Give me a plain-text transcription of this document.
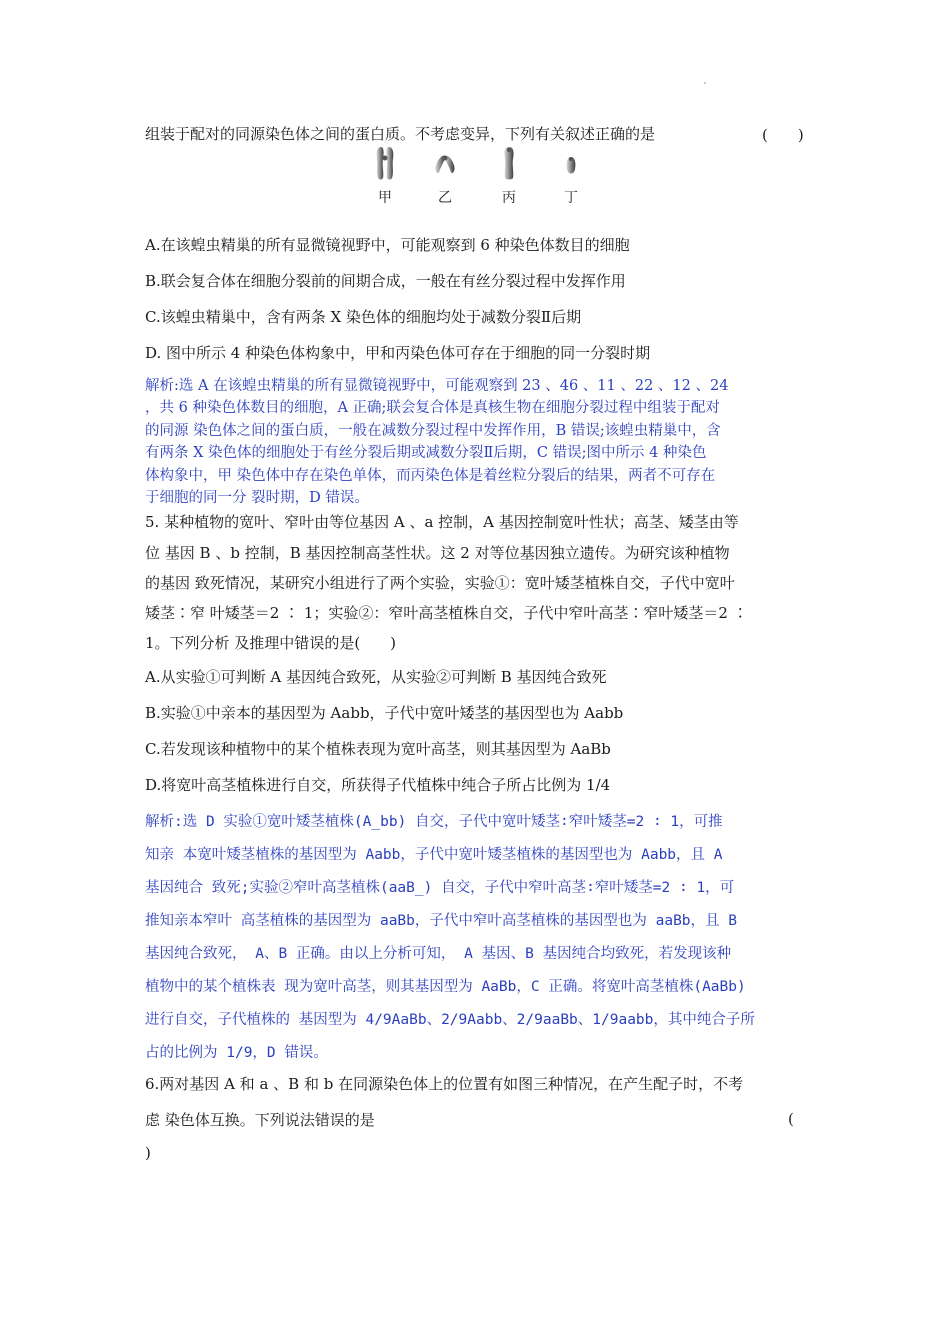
组装于配对的同源染色体之间的蛋白质。不考虑变异，下列有关叙述正确的是	(　　)
甲	乙	丙	丁
A.在该蝗虫精巢的所有显微镜视野中，可能观察到 6 种染色体数目的细胞
B.联会复合体在细胞分裂前的间期合成，一般在有丝分裂过程中发挥作用
C.该蝗虫精巢中，含有两条 X 染色体的细胞均处于减数分裂Ⅱ后期
D. 图中所示 4 种染色体构象中，甲和丙染色体可存在于细胞的同一分裂时期
解析:选 A 在该蝗虫精巢的所有显微镜视野中，可能观察到 23 、46 、11 、22 、12 、24
，共 6 种染色体数目的细胞，A 正确;联会复合体是真核生物在细胞分裂过程中组装于配对
的同源 染色体之间的蛋白质，一般在减数分裂过程中发挥作用，B 错误;该蝗虫精巢中，含
有两条 X 染色体的细胞处于有丝分裂后期或减数分裂Ⅱ后期，C 错误;图中所示 4 种染色
体构象中，甲 染色体中存在染色单体，而丙染色体是着丝粒分裂后的结果，两者不可存在
于细胞的同一分 裂时期，D 错误。
5. 某种植物的宽叶、窄叶由等位基因 A 、a 控制，A 基因控制宽叶性状；高茎、矮茎由等
位 基因 B 、b 控制，B 基因控制高茎性状。这 2 对等位基因独立遗传。为研究该种植物
的基因 致死情况，某研究小组进行了两个实验，实验①：宽叶矮茎植株自交，子代中宽叶
矮茎∶窄 叶矮茎＝2 ∶ 1；实验②：窄叶高茎植株自交，子代中窄叶高茎∶窄叶矮茎＝2 ∶
1。下列分析 及推理中错误的是(　　)
A.从实验①可判断 A 基因纯合致死，从实验②可判断 B 基因纯合致死
B.实验①中亲本的基因型为 Aabb，子代中宽叶矮茎的基因型也为 Aabb
C.若发现该种植物中的某个植株表现为宽叶高茎，则其基因型为 AaBb
D.将宽叶高茎植株进行自交，所获得子代植株中纯合子所占比例为 1/4
解析:选 D 实验①宽叶矮茎植株(A_bb) 自交，子代中宽叶矮茎∶窄叶矮茎=2 ∶ 1，可推
知亲 本宽叶矮茎植株的基因型为 Aabb，子代中宽叶矮茎植株的基因型也为 Aabb，且 A
基因纯合 致死;实验②窄叶高茎植株(aaB_) 自交，子代中窄叶高茎∶窄叶矮茎=2 ∶ 1，可
推知亲本窄叶 高茎植株的基因型为 aaBb，子代中窄叶高茎植株的基因型也为 aaBb，且 B
基因纯合致死， A、B 正确。由以上分析可知， A 基因、B 基因纯合均致死，若发现该种
植物中的某个植株表 现为宽叶高茎，则其基因型为 AaBb，C 正确。将宽叶高茎植株(AaBb)
进行自交，子代植株的 基因型为 4/9AaBb、2/9Aabb、2/9aaBb、1/9aabb，其中纯合子所
占的比例为 1/9，D 错误。
6.两对基因 A 和 a 、B 和 b 在同源染色体上的位置有如图三种情况，在产生配子时，不考
虑 染色体互换。下列说法错误的是	(
)
